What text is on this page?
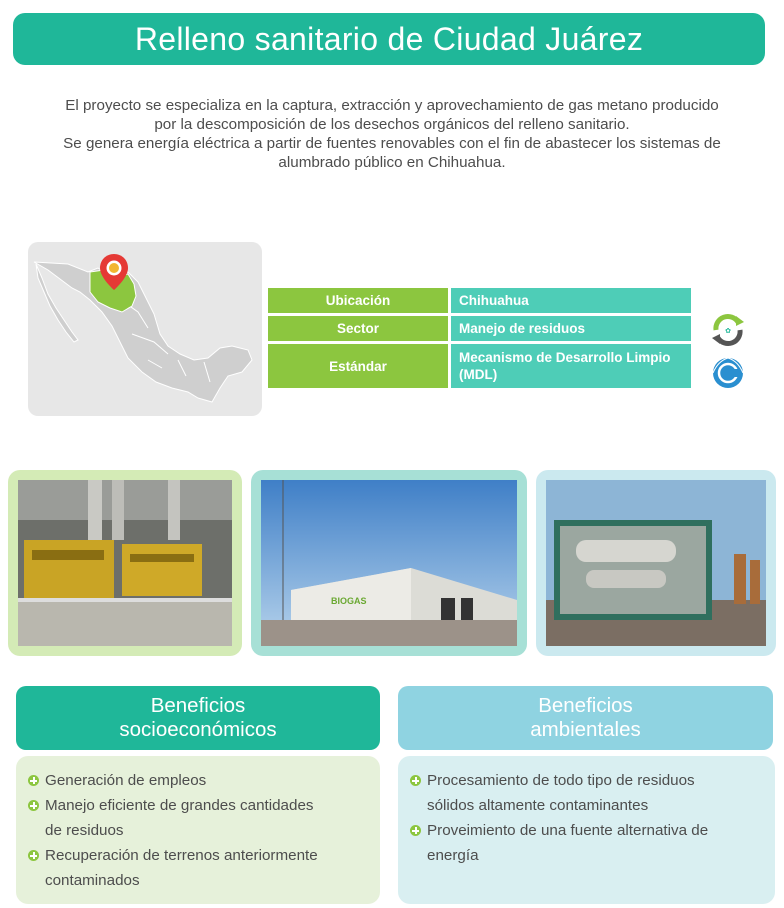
Relleno sanitario de Ciudad Juárez

El proyecto se especializa en la captura, extracción y aprovechamiento de gas metano producido

por la descomposición de los desechos orgánicos del relleno sanitario.

Se genera energía eléctrica a partir de fuentes renovables con el fin de abastecer los sistemas de

alumbrado público en Chihuahua.

Ubicación	Chihuahua
Sector	Manejo de residuos
Estándar
Mecanismo de Desarrollo Limpio
(MDL)
✿

BIOGAS
Beneficios
socioeconómicos
Beneficios
ambientales
Generación de empleos
Manejo eficiente de grandes cantidades
de residuos
Recuperación de terrenos anteriormente
contaminados
Procesamiento de todo tipo de residuos
sólidos altamente contaminantes
Proveimiento de una fuente alternativa de
energía
